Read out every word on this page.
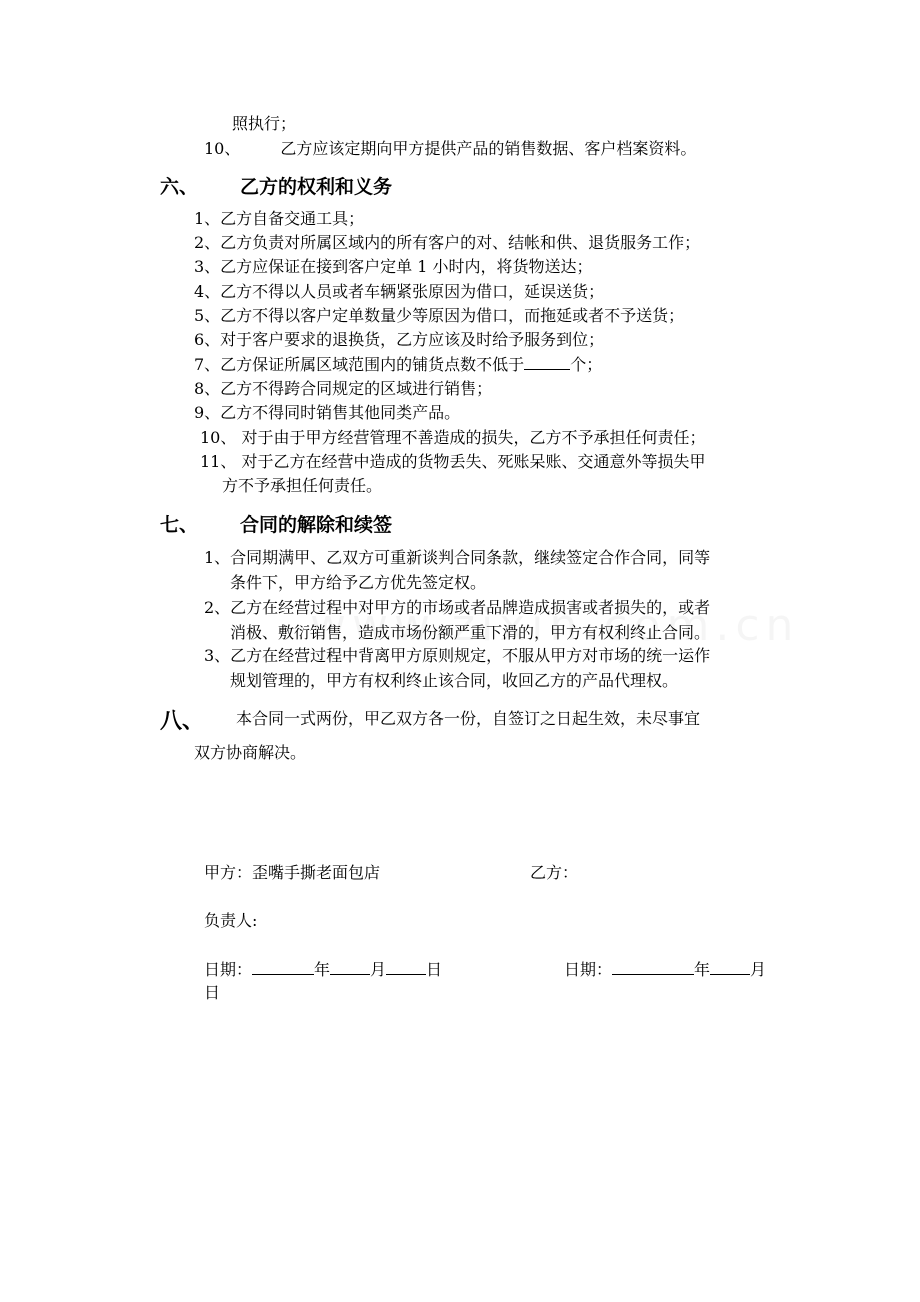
照执行；
10、	乙方应该定期向甲方提供产品的销售数据、客户档案资料。
六、 乙方的权利和义务
1、乙方自备交通工具；
2、乙方负责对所属区域内的所有客户的对、结帐和供、退货服务工作；
3、乙方应保证在接到客户定单 1 小时内，将货物送达；
4、乙方不得以人员或者车辆紧张原因为借口，延误送货；
5、乙方不得以客户定单数量少等原因为借口，而拖延或者不予送货；
6、对于客户要求的退换货，乙方应该及时给予服务到位；
7、乙方保证所属区域范围内的铺货点数不低于	个；
8、乙方不得跨合同规定的区域进行销售；
9、乙方不得同时销售其他同类产品。
10、 对于由于甲方经营管理不善造成的损失，乙方不予承担任何责任；
11、 对于乙方在经营中造成的货物丢失、死账呆账、交通意外等损失甲
方不予承担任何责任。
七、 合同的解除和续签
1、合同期满甲、乙双方可重新谈判合同条款，继续签定合作合同，同等
条件下，甲方给予乙方优先签定权。
2、乙方在经营过程中对甲方的市场或者品牌造成损害或者损失的，或者
消极、敷衍销售，造成市场份额严重下滑的，甲方有权利终止合同。
3、乙方在经营过程中背离甲方原则规定，不服从甲方对市场的统一运作
规划管理的，甲方有权利终止该合同，收回乙方的产品代理权。
八、 本合同一式两份，甲乙双方各一份，自签订之日起生效，未尽事宜
双方协商解决。
甲方：歪嘴手撕老面包店	乙方：
负责人:
日期：	年	月	日	日期：	年	月
日
